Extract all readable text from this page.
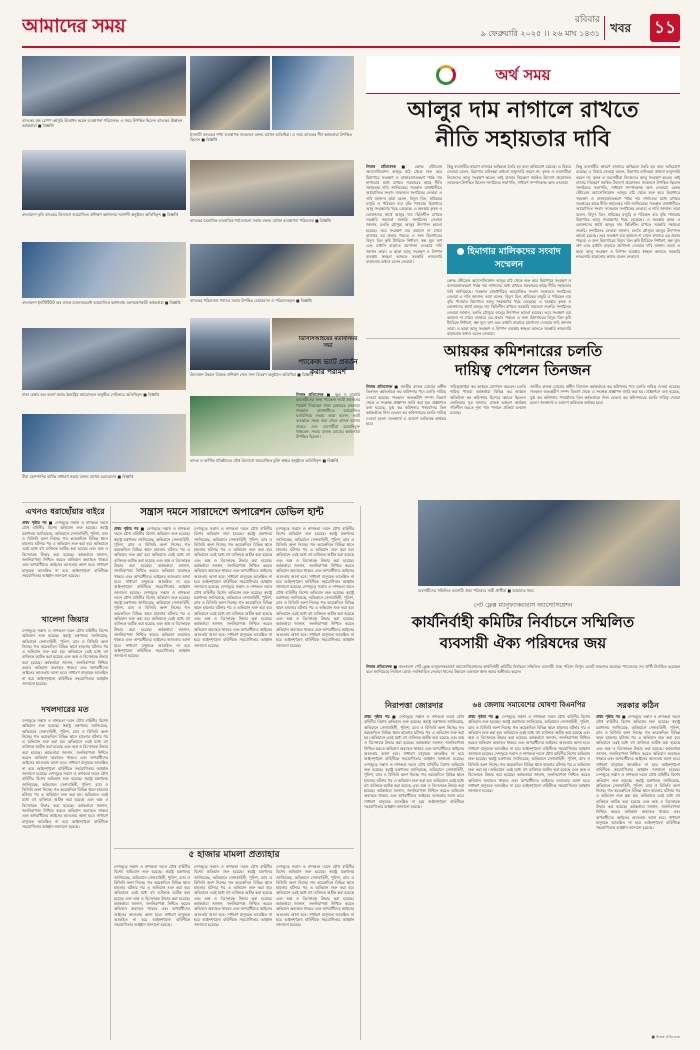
আমাদের সময়	রবিবার
৯ ফেব্রুয়ারি ২০২৫ ।। ২৬ মাঘ ১৪৩১ খবর	১১
ব্যাংকের বৃক্ষ রোপণ কর্মসূচি উদ্বোধন করেন ব্যবস্থাপনা পরিচালক। এ সময় উপস্থিত ছিলেন ব্যাংকের ঊর্ধ্বতন কর্মকর্তারা ■ বিজ্ঞপ্তি
ইসলামী ব্যাংকের শাখা ব্যবস্থাপক সম্মেলনে বক্তব্য রাখেন অতিথিরা। এ সময় ব্যাংকের শীর্ষ কর্মকর্তারা উপস্থিত ছিলেন ■ বিজ্ঞপ্তি
বাংলাদেশ কৃষি ব্যাংকের উদ্যোগে আয়োজিত প্রশিক্ষণ কর্মশালার সমাপনী অনুষ্ঠানে অতিথিবৃন্দ ■ বিজ্ঞপ্তি
ব্যাংকের ত্রৈমাসিক ব্যবসায়িক পর্যালোচনা সভায় বক্তব্য রাখেন ব্যবস্থাপনা পরিচালক ■ বিজ্ঞপ্তি
বাংলাদেশ ইনস্টিটিউট অব ব্যাংক ম্যানেজমেন্টে আয়োজিত কর্মশালায় অংশগ্রহণকারী কর্মকর্তারা ■ বিজ্ঞপ্তি	ব্যাংকের পরিচালনা পর্ষদের সভায় উপস্থিত চেয়ারম্যান ও পরিচালকবৃন্দ ■ বিজ্ঞপ্তি
ঢাকা চেম্বার অব কমার্স অ্যান্ড ইন্ডাস্ট্রির আয়োজনে অনুষ্ঠিত সেমিনারে অতিথিবৃন্দ ■ বিজ্ঞপ্তি
উদ্যোক্তা উন্নয়ন বিষয়ক প্রশিক্ষণ শেষে সনদ বিতরণ অনুষ্ঠানে অতিথিরা ■ বিজ্ঞপ্তি
বীমা কোম্পানির বার্ষিক সাধারণ সভায় বক্তব্য রাখেন চেয়ারম্যান ■ বিজ্ঞপ্তি
ব্যাংক ও আর্থিক প্রতিষ্ঠানের যৌথ উদ্যোগে আয়োজিত চুক্তি স্বাক্ষর অনুষ্ঠানে অতিথিবৃন্দ ■ বিজ্ঞপ্তি
অর্থ সময়
আলুর দাম নাগালে রাখতে
নীতি সহায়তার দাবি
নিজস্ব প্রতিবেদক ■ কোল্ড স্টোরেজ অ্যাসোসিয়েশন আলুর মাঠ থেকে শুরু করে হিমাগারে সংরক্ষণ ও বাজারজাতকরণ পর্যন্ত দাম নাগালের মধ্যে রাখতে সরকারের কাছে নীতি সহায়তার দাবি জানিয়েছে। গতকাল রাজধানীতে আয়োজিত সংবাদ সম্মেলনে সংগঠনের নেতারা এ দাবি জানান। তারা বলেন, বিদ্যুৎ বিল, শ্রমিকের মজুরি ও পরিবহন ব্যয় বৃদ্ধি পাওয়ায় হিমাগারে আলু সংরক্ষণের খরচ বেড়েছে। এ অবস্থায় কৃষক ও ভোক্তাদের স্বার্থে আলুর দাম স্থিতিশীল রাখতে সরকারি সহায়তা জরুরি। সংগঠনের নেতারা জানান, চলতি মৌসুমে আলুর উৎপাদন ভালো হয়েছে। তবে সংরক্ষণ ব্যয় কমানো না গেলে বাজারে এর প্রভাব পড়বে। এ জন্য হিমাগারের বিদ্যুৎ বিল কৃষি ট্যারিফে নির্ধারণ, স্বল্প সুদে ঋণ এবং রপ্তানি বাড়াতে প্রণোদনা দেওয়ার দাবি জানান তারা। এ ছাড়া আলু সংরক্ষণ ও বিপণন ব্যবস্থায় স্বচ্ছতা আনতে সরকারি নজরদারি বাড়ানোর কথাও বলেন নেতারা।
কিছু ব্যবসায়ীর কারণে বাজারে অস্থিরতা তৈরি হয় বলে অভিযোগ রয়েছে। এ বিষয়ে নেতারা বলেন, হিমাগার মালিকরা কখনো মজুদদারি করেন না; কৃষক ও ব্যবসায়ীরা নিজেদের আলু সংরক্ষণ করেন। তাই বাজার নিয়ন্ত্রণে সমন্বিত উদ্যোগ প্রয়োজন। সম্মেলনে উপস্থিত ছিলেন সংগঠনের সভাপতি, সাধারণ সম্পাদকসহ অন্য নেতারা।
হিমাগার মালিকদের সংবাদ সম্মেলন
কোল্ড স্টোরেজ অ্যাসোসিয়েশন আলুর মাঠ থেকে শুরু করে হিমাগারে সংরক্ষণ ও বাজারজাতকরণ পর্যন্ত দাম নাগালের মধ্যে রাখতে সরকারের কাছে নীতি সহায়তার দাবি জানিয়েছে। গতকাল রাজধানীতে আয়োজিত সংবাদ সম্মেলনে সংগঠনের নেতারা এ দাবি জানান। তারা বলেন, বিদ্যুৎ বিল, শ্রমিকের মজুরি ও পরিবহন ব্যয় বৃদ্ধি পাওয়ায় হিমাগারে আলু সংরক্ষণের খরচ বেড়েছে। এ অবস্থায় কৃষক ও ভোক্তাদের স্বার্থে আলুর দাম স্থিতিশীল রাখতে সরকারি সহায়তা জরুরি। সংগঠনের নেতারা জানান, চলতি মৌসুমে আলুর উৎপাদন ভালো হয়েছে। তবে সংরক্ষণ ব্যয় কমানো না গেলে বাজারে এর প্রভাব পড়বে। এ জন্য হিমাগারের বিদ্যুৎ বিল কৃষি ট্যারিফে নির্ধারণ, স্বল্প সুদে ঋণ এবং রপ্তানি বাড়াতে প্রণোদনা দেওয়ার দাবি জানান তারা। এ ছাড়া আলু সংরক্ষণ ও বিপণন ব্যবস্থায় স্বচ্ছতা আনতে সরকারি নজরদারি বাড়ানোর কথাও বলেন নেতারা।
কিছু ব্যবসায়ীর কারণে বাজারে অস্থিরতা তৈরি হয় বলে অভিযোগ রয়েছে। এ বিষয়ে নেতারা বলেন, হিমাগার মালিকরা কখনো মজুদদারি করেন না; কৃষক ও ব্যবসায়ীরা নিজেদের আলু সংরক্ষণ করেন। তাই বাজার নিয়ন্ত্রণে সমন্বিত উদ্যোগ প্রয়োজন। সম্মেলনে উপস্থিত ছিলেন সংগঠনের সভাপতি, সাধারণ সম্পাদকসহ অন্য নেতারা। কোল্ড স্টোরেজ অ্যাসোসিয়েশন আলুর মাঠ থেকে শুরু করে হিমাগারে সংরক্ষণ ও বাজারজাতকরণ পর্যন্ত দাম নাগালের মধ্যে রাখতে সরকারের কাছে নীতি সহায়তার দাবি জানিয়েছে। গতকাল রাজধানীতে আয়োজিত সংবাদ সম্মেলনে সংগঠনের নেতারা এ দাবি জানান। তারা বলেন, বিদ্যুৎ বিল, শ্রমিকের মজুরি ও পরিবহন ব্যয় বৃদ্ধি পাওয়ায় হিমাগারে আলু সংরক্ষণের খরচ বেড়েছে। এ অবস্থায় কৃষক ও ভোক্তাদের স্বার্থে আলুর দাম স্থিতিশীল রাখতে সরকারি সহায়তা জরুরি। সংগঠনের নেতারা জানান, চলতি মৌসুমে আলুর উৎপাদন ভালো হয়েছে। তবে সংরক্ষণ ব্যয় কমানো না গেলে বাজারে এর প্রভাব পড়বে। এ জন্য হিমাগারের বিদ্যুৎ বিল কৃষি ট্যারিফে নির্ধারণ, স্বল্প সুদে ঋণ এবং রপ্তানি বাড়াতে প্রণোদনা দেওয়ার দাবি জানান তারা। এ ছাড়া আলু সংরক্ষণ ও বিপণন ব্যবস্থায় স্বচ্ছতা আনতে সরকারি নজরদারি বাড়ানোর কথাও বলেন নেতারা।
ডিসিসিআইয়ের মতবিনিময় সভা
প্যাকেজ ভ্যাট প্রবর্তন করার পরামর্শ
নিজস্ব প্রতিবেদক ■ ক্ষুদ্র ও মাঝারি ব্যবসায়ীদের জন্য প্যাকেজ ভ্যাট প্রবর্তনের পরামর্শ দিয়েছেন ঢাকা চেম্বারের নেতারা। গতকাল রাজধানীতে আয়োজিত মতবিনিময় সভায় তারা বলেন, ভ্যাট ব্যবস্থাকে সহজ করা গেলে রাজস্ব আদায় বাড়বে এবং ব্যবসায়ীরা হয়রানিমুক্ত থাকবেন। সভায় রাজস্ব বোর্ডের কর্মকর্তারা উপস্থিত ছিলেন।
আয়কর কমিশনারের চলতি
দায়িত্ব পেলেন তিনজন
নিজস্ব প্রতিবেদক ■ জাতীয় রাজস্ব বোর্ডের অধীন তিনজন কর্মকর্তাকে কর কমিশনার পদে চলতি দায়িত্ব দেওয়া হয়েছে। গতকাল অভ্যন্তরীণ সম্পদ বিভাগ থেকে এ সংক্রান্ত প্রজ্ঞাপন জারি করা হয়। প্রজ্ঞাপনে বলা হয়েছে, যুগ্ম কর কমিশনার পদমর্যাদার তিন কর্মকর্তাকে নিজ বেতনে কর কমিশনারের চলতি দায়িত্ব দেওয়া হলো। জনস্বার্থে এ আদেশ অবিলম্বে কার্যকর হবে।
দায়িত্বপ্রাপ্তরা কর অঞ্চলে যোগদান করবেন। চলতি দায়িত্ব পাওয়া কর্মকর্তারা বিভিন্ন কর অঞ্চলে অতিরিক্ত কর কমিশনার হিসেবে কর্মরত ছিলেন। এনবিআর সূত্র জানায়, রাজস্ব আহরণ কার্যক্রম গতিশীল করতে শূন্য পদে পদায়ন প্রক্রিয়া চলমান রয়েছে।
জাতীয় রাজস্ব বোর্ডের অধীন তিনজন কর্মকর্তাকে কর কমিশনার পদে চলতি দায়িত্ব দেওয়া হয়েছে। গতকাল অভ্যন্তরীণ সম্পদ বিভাগ থেকে এ সংক্রান্ত প্রজ্ঞাপন জারি করা হয়। প্রজ্ঞাপনে বলা হয়েছে, যুগ্ম কর কমিশনার পদমর্যাদার তিন কর্মকর্তাকে নিজ বেতনে কর কমিশনারের চলতি দায়িত্ব দেওয়া হলো। জনস্বার্থে এ আদেশ অবিলম্বে কার্যকর হবে।
ব্যবসায়ীদের সম্মিলিত ব্যবসায়ী ঐক্য পরিষদের জয়ী প্রার্থীরা ■ আমাদের সময়
পেট ফ্লেক্স ম্যানুফ্যাকচারার্স অ্যাসোসিয়েশন
কার্যনির্বাহী কমিটির নির্বাচনে সম্মিলিত
ব্যবসায়ী ঐক্য পরিষদের জয়
নিজস্ব প্রতিবেদক ■ বাংলাদেশ পেট ফ্লেক্স ম্যানুফ্যাকচারার্স অ্যাসোসিয়েশনের কার্যনির্বাহী কমিটির নির্বাচনে সম্মিলিত ব্যবসায়ী ঐক্য পরিষদ বিপুল ভোটে জয়লাভ করেছে। প্যানেলের সব প্রার্থী নির্বাচিত হয়েছেন বলে জানিয়েছে নির্বাচন বোর্ড। নবনির্বাচিত নেতারা খাতের উন্নয়নে একসঙ্গে কাজ করার অঙ্গীকার করেন।
সন্ত্রাস দমনে সারাদেশে অপারেশন ডেভিল হান্ট
এখনও ধরাছোঁয়ার বাইরে
প্রথম পৃষ্ঠার পর ■ দেশজুড়ে সন্ত্রাস ও নাশকতা দমনে যৌথ বাহিনীর বিশেষ অভিযান শুরু হয়েছে। স্বরাষ্ট্র মন্ত্রণালয় জানিয়েছে, অভিযানে সেনাবাহিনী, পুলিশ, র‌্যাব ও বিজিবি অংশ নিচ্ছে। গত কয়েকদিনে বিভিন্ন স্থানে হামলার ঘটনার পর এ অভিযান শুরু করা হয়। অভিযানে এরই মধ্যে বহু ব্যক্তিকে আটক করা হয়েছে এবং অস্ত্র ও বিস্ফোরক উদ্ধার করা হয়েছে। কর্মকর্তারা জানান, জননিরাপত্তা নিশ্চিত করতে অভিযান অব্যাহত থাকবে এবং অপরাধীদের আইনের আওতায় আনা হবে। সাধারণ মানুষকে আতঙ্কিত না হয়ে আইনশৃঙ্খলা বাহিনীকে সহযোগিতার আহ্বান জানানো হয়েছে।
খালেদা জিয়ার
দেশজুড়ে সন্ত্রাস ও নাশকতা দমনে যৌথ বাহিনীর বিশেষ অভিযান শুরু হয়েছে। স্বরাষ্ট্র মন্ত্রণালয় জানিয়েছে, অভিযানে সেনাবাহিনী, পুলিশ, র‌্যাব ও বিজিবি অংশ নিচ্ছে। গত কয়েকদিনে বিভিন্ন স্থানে হামলার ঘটনার পর এ অভিযান শুরু করা হয়। অভিযানে এরই মধ্যে বহু ব্যক্তিকে আটক করা হয়েছে এবং অস্ত্র ও বিস্ফোরক উদ্ধার করা হয়েছে। কর্মকর্তারা জানান, জননিরাপত্তা নিশ্চিত করতে অভিযান অব্যাহত থাকবে এবং অপরাধীদের আইনের আওতায় আনা হবে। সাধারণ মানুষকে আতঙ্কিত না হয়ে আইনশৃঙ্খলা বাহিনীকে সহযোগিতার আহ্বান জানানো হয়েছে।
দখলদারের মত
দেশজুড়ে সন্ত্রাস ও নাশকতা দমনে যৌথ বাহিনীর বিশেষ অভিযান শুরু হয়েছে। স্বরাষ্ট্র মন্ত্রণালয় জানিয়েছে, অভিযানে সেনাবাহিনী, পুলিশ, র‌্যাব ও বিজিবি অংশ নিচ্ছে। গত কয়েকদিনে বিভিন্ন স্থানে হামলার ঘটনার পর এ অভিযান শুরু করা হয়। অভিযানে এরই মধ্যে বহু ব্যক্তিকে আটক করা হয়েছে এবং অস্ত্র ও বিস্ফোরক উদ্ধার করা হয়েছে। কর্মকর্তারা জানান, জননিরাপত্তা নিশ্চিত করতে অভিযান অব্যাহত থাকবে এবং অপরাধীদের আইনের আওতায় আনা হবে। সাধারণ মানুষকে আতঙ্কিত না হয়ে আইনশৃঙ্খলা বাহিনীকে সহযোগিতার আহ্বান জানানো হয়েছে। দেশজুড়ে সন্ত্রাস ও নাশকতা দমনে যৌথ বাহিনীর বিশেষ অভিযান শুরু হয়েছে। স্বরাষ্ট্র মন্ত্রণালয় জানিয়েছে, অভিযানে সেনাবাহিনী, পুলিশ, র‌্যাব ও বিজিবি অংশ নিচ্ছে। গত কয়েকদিনে বিভিন্ন স্থানে হামলার ঘটনার পর এ অভিযান শুরু করা হয়। অভিযানে এরই মধ্যে বহু ব্যক্তিকে আটক করা হয়েছে এবং অস্ত্র ও বিস্ফোরক উদ্ধার করা হয়েছে। কর্মকর্তারা জানান, জননিরাপত্তা নিশ্চিত করতে অভিযান অব্যাহত থাকবে এবং অপরাধীদের আইনের আওতায় আনা হবে। সাধারণ মানুষকে আতঙ্কিত না হয়ে আইনশৃঙ্খলা বাহিনীকে সহযোগিতার আহ্বান জানানো হয়েছে।
প্রথম পৃষ্ঠার পর ■ দেশজুড়ে সন্ত্রাস ও নাশকতা দমনে যৌথ বাহিনীর বিশেষ অভিযান শুরু হয়েছে। স্বরাষ্ট্র মন্ত্রণালয় জানিয়েছে, অভিযানে সেনাবাহিনী, পুলিশ, র‌্যাব ও বিজিবি অংশ নিচ্ছে। গত কয়েকদিনে বিভিন্ন স্থানে হামলার ঘটনার পর এ অভিযান শুরু করা হয়। অভিযানে এরই মধ্যে বহু ব্যক্তিকে আটক করা হয়েছে এবং অস্ত্র ও বিস্ফোরক উদ্ধার করা হয়েছে। কর্মকর্তারা জানান, জননিরাপত্তা নিশ্চিত করতে অভিযান অব্যাহত থাকবে এবং অপরাধীদের আইনের আওতায় আনা হবে। সাধারণ মানুষকে আতঙ্কিত না হয়ে আইনশৃঙ্খলা বাহিনীকে সহযোগিতার আহ্বান জানানো হয়েছে। দেশজুড়ে সন্ত্রাস ও নাশকতা দমনে যৌথ বাহিনীর বিশেষ অভিযান শুরু হয়েছে। স্বরাষ্ট্র মন্ত্রণালয় জানিয়েছে, অভিযানে সেনাবাহিনী, পুলিশ, র‌্যাব ও বিজিবি অংশ নিচ্ছে। গত কয়েকদিনে বিভিন্ন স্থানে হামলার ঘটনার পর এ অভিযান শুরু করা হয়। অভিযানে এরই মধ্যে বহু ব্যক্তিকে আটক করা হয়েছে এবং অস্ত্র ও বিস্ফোরক উদ্ধার করা হয়েছে। কর্মকর্তারা জানান, জননিরাপত্তা নিশ্চিত করতে অভিযান অব্যাহত থাকবে এবং অপরাধীদের আইনের আওতায় আনা হবে। সাধারণ মানুষকে আতঙ্কিত না হয়ে আইনশৃঙ্খলা বাহিনীকে সহযোগিতার আহ্বান জানানো হয়েছে।
দেশজুড়ে সন্ত্রাস ও নাশকতা দমনে যৌথ বাহিনীর বিশেষ অভিযান শুরু হয়েছে। স্বরাষ্ট্র মন্ত্রণালয় জানিয়েছে, অভিযানে সেনাবাহিনী, পুলিশ, র‌্যাব ও বিজিবি অংশ নিচ্ছে। গত কয়েকদিনে বিভিন্ন স্থানে হামলার ঘটনার পর এ অভিযান শুরু করা হয়। অভিযানে এরই মধ্যে বহু ব্যক্তিকে আটক করা হয়েছে এবং অস্ত্র ও বিস্ফোরক উদ্ধার করা হয়েছে। কর্মকর্তারা জানান, জননিরাপত্তা নিশ্চিত করতে অভিযান অব্যাহত থাকবে এবং অপরাধীদের আইনের আওতায় আনা হবে। সাধারণ মানুষকে আতঙ্কিত না হয়ে আইনশৃঙ্খলা বাহিনীকে সহযোগিতার আহ্বান জানানো হয়েছে। দেশজুড়ে সন্ত্রাস ও নাশকতা দমনে যৌথ বাহিনীর বিশেষ অভিযান শুরু হয়েছে। স্বরাষ্ট্র মন্ত্রণালয় জানিয়েছে, অভিযানে সেনাবাহিনী, পুলিশ, র‌্যাব ও বিজিবি অংশ নিচ্ছে। গত কয়েকদিনে বিভিন্ন স্থানে হামলার ঘটনার পর এ অভিযান শুরু করা হয়। অভিযানে এরই মধ্যে বহু ব্যক্তিকে আটক করা হয়েছে এবং অস্ত্র ও বিস্ফোরক উদ্ধার করা হয়েছে। কর্মকর্তারা জানান, জননিরাপত্তা নিশ্চিত করতে অভিযান অব্যাহত থাকবে এবং অপরাধীদের আইনের আওতায় আনা হবে। সাধারণ মানুষকে আতঙ্কিত না হয়ে আইনশৃঙ্খলা বাহিনীকে সহযোগিতার আহ্বান জানানো হয়েছে।
দেশজুড়ে সন্ত্রাস ও নাশকতা দমনে যৌথ বাহিনীর বিশেষ অভিযান শুরু হয়েছে। স্বরাষ্ট্র মন্ত্রণালয় জানিয়েছে, অভিযানে সেনাবাহিনী, পুলিশ, র‌্যাব ও বিজিবি অংশ নিচ্ছে। গত কয়েকদিনে বিভিন্ন স্থানে হামলার ঘটনার পর এ অভিযান শুরু করা হয়। অভিযানে এরই মধ্যে বহু ব্যক্তিকে আটক করা হয়েছে এবং অস্ত্র ও বিস্ফোরক উদ্ধার করা হয়েছে। কর্মকর্তারা জানান, জননিরাপত্তা নিশ্চিত করতে অভিযান অব্যাহত থাকবে এবং অপরাধীদের আইনের আওতায় আনা হবে। সাধারণ মানুষকে আতঙ্কিত না হয়ে আইনশৃঙ্খলা বাহিনীকে সহযোগিতার আহ্বান জানানো হয়েছে। দেশজুড়ে সন্ত্রাস ও নাশকতা দমনে যৌথ বাহিনীর বিশেষ অভিযান শুরু হয়েছে। স্বরাষ্ট্র মন্ত্রণালয় জানিয়েছে, অভিযানে সেনাবাহিনী, পুলিশ, র‌্যাব ও বিজিবি অংশ নিচ্ছে। গত কয়েকদিনে বিভিন্ন স্থানে হামলার ঘটনার পর এ অভিযান শুরু করা হয়। অভিযানে এরই মধ্যে বহু ব্যক্তিকে আটক করা হয়েছে এবং অস্ত্র ও বিস্ফোরক উদ্ধার করা হয়েছে। কর্মকর্তারা জানান, জননিরাপত্তা নিশ্চিত করতে অভিযান অব্যাহত থাকবে এবং অপরাধীদের আইনের আওতায় আনা হবে। সাধারণ মানুষকে আতঙ্কিত না হয়ে আইনশৃঙ্খলা বাহিনীকে সহযোগিতার আহ্বান জানানো হয়েছে।
৫ হাজার মামলা প্রত্যাহার
দেশজুড়ে সন্ত্রাস ও নাশকতা দমনে যৌথ বাহিনীর বিশেষ অভিযান শুরু হয়েছে। স্বরাষ্ট্র মন্ত্রণালয় জানিয়েছে, অভিযানে সেনাবাহিনী, পুলিশ, র‌্যাব ও বিজিবি অংশ নিচ্ছে। গত কয়েকদিনে বিভিন্ন স্থানে হামলার ঘটনার পর এ অভিযান শুরু করা হয়। অভিযানে এরই মধ্যে বহু ব্যক্তিকে আটক করা হয়েছে এবং অস্ত্র ও বিস্ফোরক উদ্ধার করা হয়েছে। কর্মকর্তারা জানান, জননিরাপত্তা নিশ্চিত করতে অভিযান অব্যাহত থাকবে এবং অপরাধীদের আইনের আওতায় আনা হবে। সাধারণ মানুষকে আতঙ্কিত না হয়ে আইনশৃঙ্খলা বাহিনীকে সহযোগিতার আহ্বান জানানো হয়েছে।
দেশজুড়ে সন্ত্রাস ও নাশকতা দমনে যৌথ বাহিনীর বিশেষ অভিযান শুরু হয়েছে। স্বরাষ্ট্র মন্ত্রণালয় জানিয়েছে, অভিযানে সেনাবাহিনী, পুলিশ, র‌্যাব ও বিজিবি অংশ নিচ্ছে। গত কয়েকদিনে বিভিন্ন স্থানে হামলার ঘটনার পর এ অভিযান শুরু করা হয়। অভিযানে এরই মধ্যে বহু ব্যক্তিকে আটক করা হয়েছে এবং অস্ত্র ও বিস্ফোরক উদ্ধার করা হয়েছে। কর্মকর্তারা জানান, জননিরাপত্তা নিশ্চিত করতে অভিযান অব্যাহত থাকবে এবং অপরাধীদের আইনের আওতায় আনা হবে। সাধারণ মানুষকে আতঙ্কিত না হয়ে আইনশৃঙ্খলা বাহিনীকে সহযোগিতার আহ্বান জানানো হয়েছে।
দেশজুড়ে সন্ত্রাস ও নাশকতা দমনে যৌথ বাহিনীর বিশেষ অভিযান শুরু হয়েছে। স্বরাষ্ট্র মন্ত্রণালয় জানিয়েছে, অভিযানে সেনাবাহিনী, পুলিশ, র‌্যাব ও বিজিবি অংশ নিচ্ছে। গত কয়েকদিনে বিভিন্ন স্থানে হামলার ঘটনার পর এ অভিযান শুরু করা হয়। অভিযানে এরই মধ্যে বহু ব্যক্তিকে আটক করা হয়েছে এবং অস্ত্র ও বিস্ফোরক উদ্ধার করা হয়েছে। কর্মকর্তারা জানান, জননিরাপত্তা নিশ্চিত করতে অভিযান অব্যাহত থাকবে এবং অপরাধীদের আইনের আওতায় আনা হবে। সাধারণ মানুষকে আতঙ্কিত না হয়ে আইনশৃঙ্খলা বাহিনীকে সহযোগিতার আহ্বান জানানো হয়েছে।
নিরাপত্তা জোরদার
প্রথম পৃষ্ঠার পর ■ দেশজুড়ে সন্ত্রাস ও নাশকতা দমনে যৌথ বাহিনীর বিশেষ অভিযান শুরু হয়েছে। স্বরাষ্ট্র মন্ত্রণালয় জানিয়েছে, অভিযানে সেনাবাহিনী, পুলিশ, র‌্যাব ও বিজিবি অংশ নিচ্ছে। গত কয়েকদিনে বিভিন্ন স্থানে হামলার ঘটনার পর এ অভিযান শুরু করা হয়। অভিযানে এরই মধ্যে বহু ব্যক্তিকে আটক করা হয়েছে এবং অস্ত্র ও বিস্ফোরক উদ্ধার করা হয়েছে। কর্মকর্তারা জানান, জননিরাপত্তা নিশ্চিত করতে অভিযান অব্যাহত থাকবে এবং অপরাধীদের আইনের আওতায় আনা হবে। সাধারণ মানুষকে আতঙ্কিত না হয়ে আইনশৃঙ্খলা বাহিনীকে সহযোগিতার আহ্বান জানানো হয়েছে। দেশজুড়ে সন্ত্রাস ও নাশকতা দমনে যৌথ বাহিনীর বিশেষ অভিযান শুরু হয়েছে। স্বরাষ্ট্র মন্ত্রণালয় জানিয়েছে, অভিযানে সেনাবাহিনী, পুলিশ, র‌্যাব ও বিজিবি অংশ নিচ্ছে। গত কয়েকদিনে বিভিন্ন স্থানে হামলার ঘটনার পর এ অভিযান শুরু করা হয়। অভিযানে এরই মধ্যে বহু ব্যক্তিকে আটক করা হয়েছে এবং অস্ত্র ও বিস্ফোরক উদ্ধার করা হয়েছে। কর্মকর্তারা জানান, জননিরাপত্তা নিশ্চিত করতে অভিযান অব্যাহত থাকবে এবং অপরাধীদের আইনের আওতায় আনা হবে। সাধারণ মানুষকে আতঙ্কিত না হয়ে আইনশৃঙ্খলা বাহিনীকে সহযোগিতার আহ্বান জানানো হয়েছে।
৬৪ জেলায় সমাবেশের ঘোষণা বিএনপির
প্রথম পৃষ্ঠার পর ■ দেশজুড়ে সন্ত্রাস ও নাশকতা দমনে যৌথ বাহিনীর বিশেষ অভিযান শুরু হয়েছে। স্বরাষ্ট্র মন্ত্রণালয় জানিয়েছে, অভিযানে সেনাবাহিনী, পুলিশ, র‌্যাব ও বিজিবি অংশ নিচ্ছে। গত কয়েকদিনে বিভিন্ন স্থানে হামলার ঘটনার পর এ অভিযান শুরু করা হয়। অভিযানে এরই মধ্যে বহু ব্যক্তিকে আটক করা হয়েছে এবং অস্ত্র ও বিস্ফোরক উদ্ধার করা হয়েছে। কর্মকর্তারা জানান, জননিরাপত্তা নিশ্চিত করতে অভিযান অব্যাহত থাকবে এবং অপরাধীদের আইনের আওতায় আনা হবে। সাধারণ মানুষকে আতঙ্কিত না হয়ে আইনশৃঙ্খলা বাহিনীকে সহযোগিতার আহ্বান জানানো হয়েছে। দেশজুড়ে সন্ত্রাস ও নাশকতা দমনে যৌথ বাহিনীর বিশেষ অভিযান শুরু হয়েছে। স্বরাষ্ট্র মন্ত্রণালয় জানিয়েছে, অভিযানে সেনাবাহিনী, পুলিশ, র‌্যাব ও বিজিবি অংশ নিচ্ছে। গত কয়েকদিনে বিভিন্ন স্থানে হামলার ঘটনার পর এ অভিযান শুরু করা হয়। অভিযানে এরই মধ্যে বহু ব্যক্তিকে আটক করা হয়েছে এবং অস্ত্র ও বিস্ফোরক উদ্ধার করা হয়েছে। কর্মকর্তারা জানান, জননিরাপত্তা নিশ্চিত করতে অভিযান অব্যাহত থাকবে এবং অপরাধীদের আইনের আওতায় আনা হবে। সাধারণ মানুষকে আতঙ্কিত না হয়ে আইনশৃঙ্খলা বাহিনীকে সহযোগিতার আহ্বান জানানো হয়েছে।
সরকার কঠিন
প্রথম পৃষ্ঠার পর ■ দেশজুড়ে সন্ত্রাস ও নাশকতা দমনে যৌথ বাহিনীর বিশেষ অভিযান শুরু হয়েছে। স্বরাষ্ট্র মন্ত্রণালয় জানিয়েছে, অভিযানে সেনাবাহিনী, পুলিশ, র‌্যাব ও বিজিবি অংশ নিচ্ছে। গত কয়েকদিনে বিভিন্ন স্থানে হামলার ঘটনার পর এ অভিযান শুরু করা হয়। অভিযানে এরই মধ্যে বহু ব্যক্তিকে আটক করা হয়েছে এবং অস্ত্র ও বিস্ফোরক উদ্ধার করা হয়েছে। কর্মকর্তারা জানান, জননিরাপত্তা নিশ্চিত করতে অভিযান অব্যাহত থাকবে এবং অপরাধীদের আইনের আওতায় আনা হবে। সাধারণ মানুষকে আতঙ্কিত না হয়ে আইনশৃঙ্খলা বাহিনীকে সহযোগিতার আহ্বান জানানো হয়েছে। দেশজুড়ে সন্ত্রাস ও নাশকতা দমনে যৌথ বাহিনীর বিশেষ অভিযান শুরু হয়েছে। স্বরাষ্ট্র মন্ত্রণালয় জানিয়েছে, অভিযানে সেনাবাহিনী, পুলিশ, র‌্যাব ও বিজিবি অংশ নিচ্ছে। গত কয়েকদিনে বিভিন্ন স্থানে হামলার ঘটনার পর এ অভিযান শুরু করা হয়। অভিযানে এরই মধ্যে বহু ব্যক্তিকে আটক করা হয়েছে এবং অস্ত্র ও বিস্ফোরক উদ্ধার করা হয়েছে। কর্মকর্তারা জানান, জননিরাপত্তা নিশ্চিত করতে অভিযান অব্যাহত থাকবে এবং অপরাধীদের আইনের আওতায় আনা হবে। সাধারণ মানুষকে আতঙ্কিত না হয়ে আইনশৃঙ্খলা বাহিনীকে সহযোগিতার আহ্বান জানানো হয়েছে।
■ নিজস্ব প্রতিবেদক
